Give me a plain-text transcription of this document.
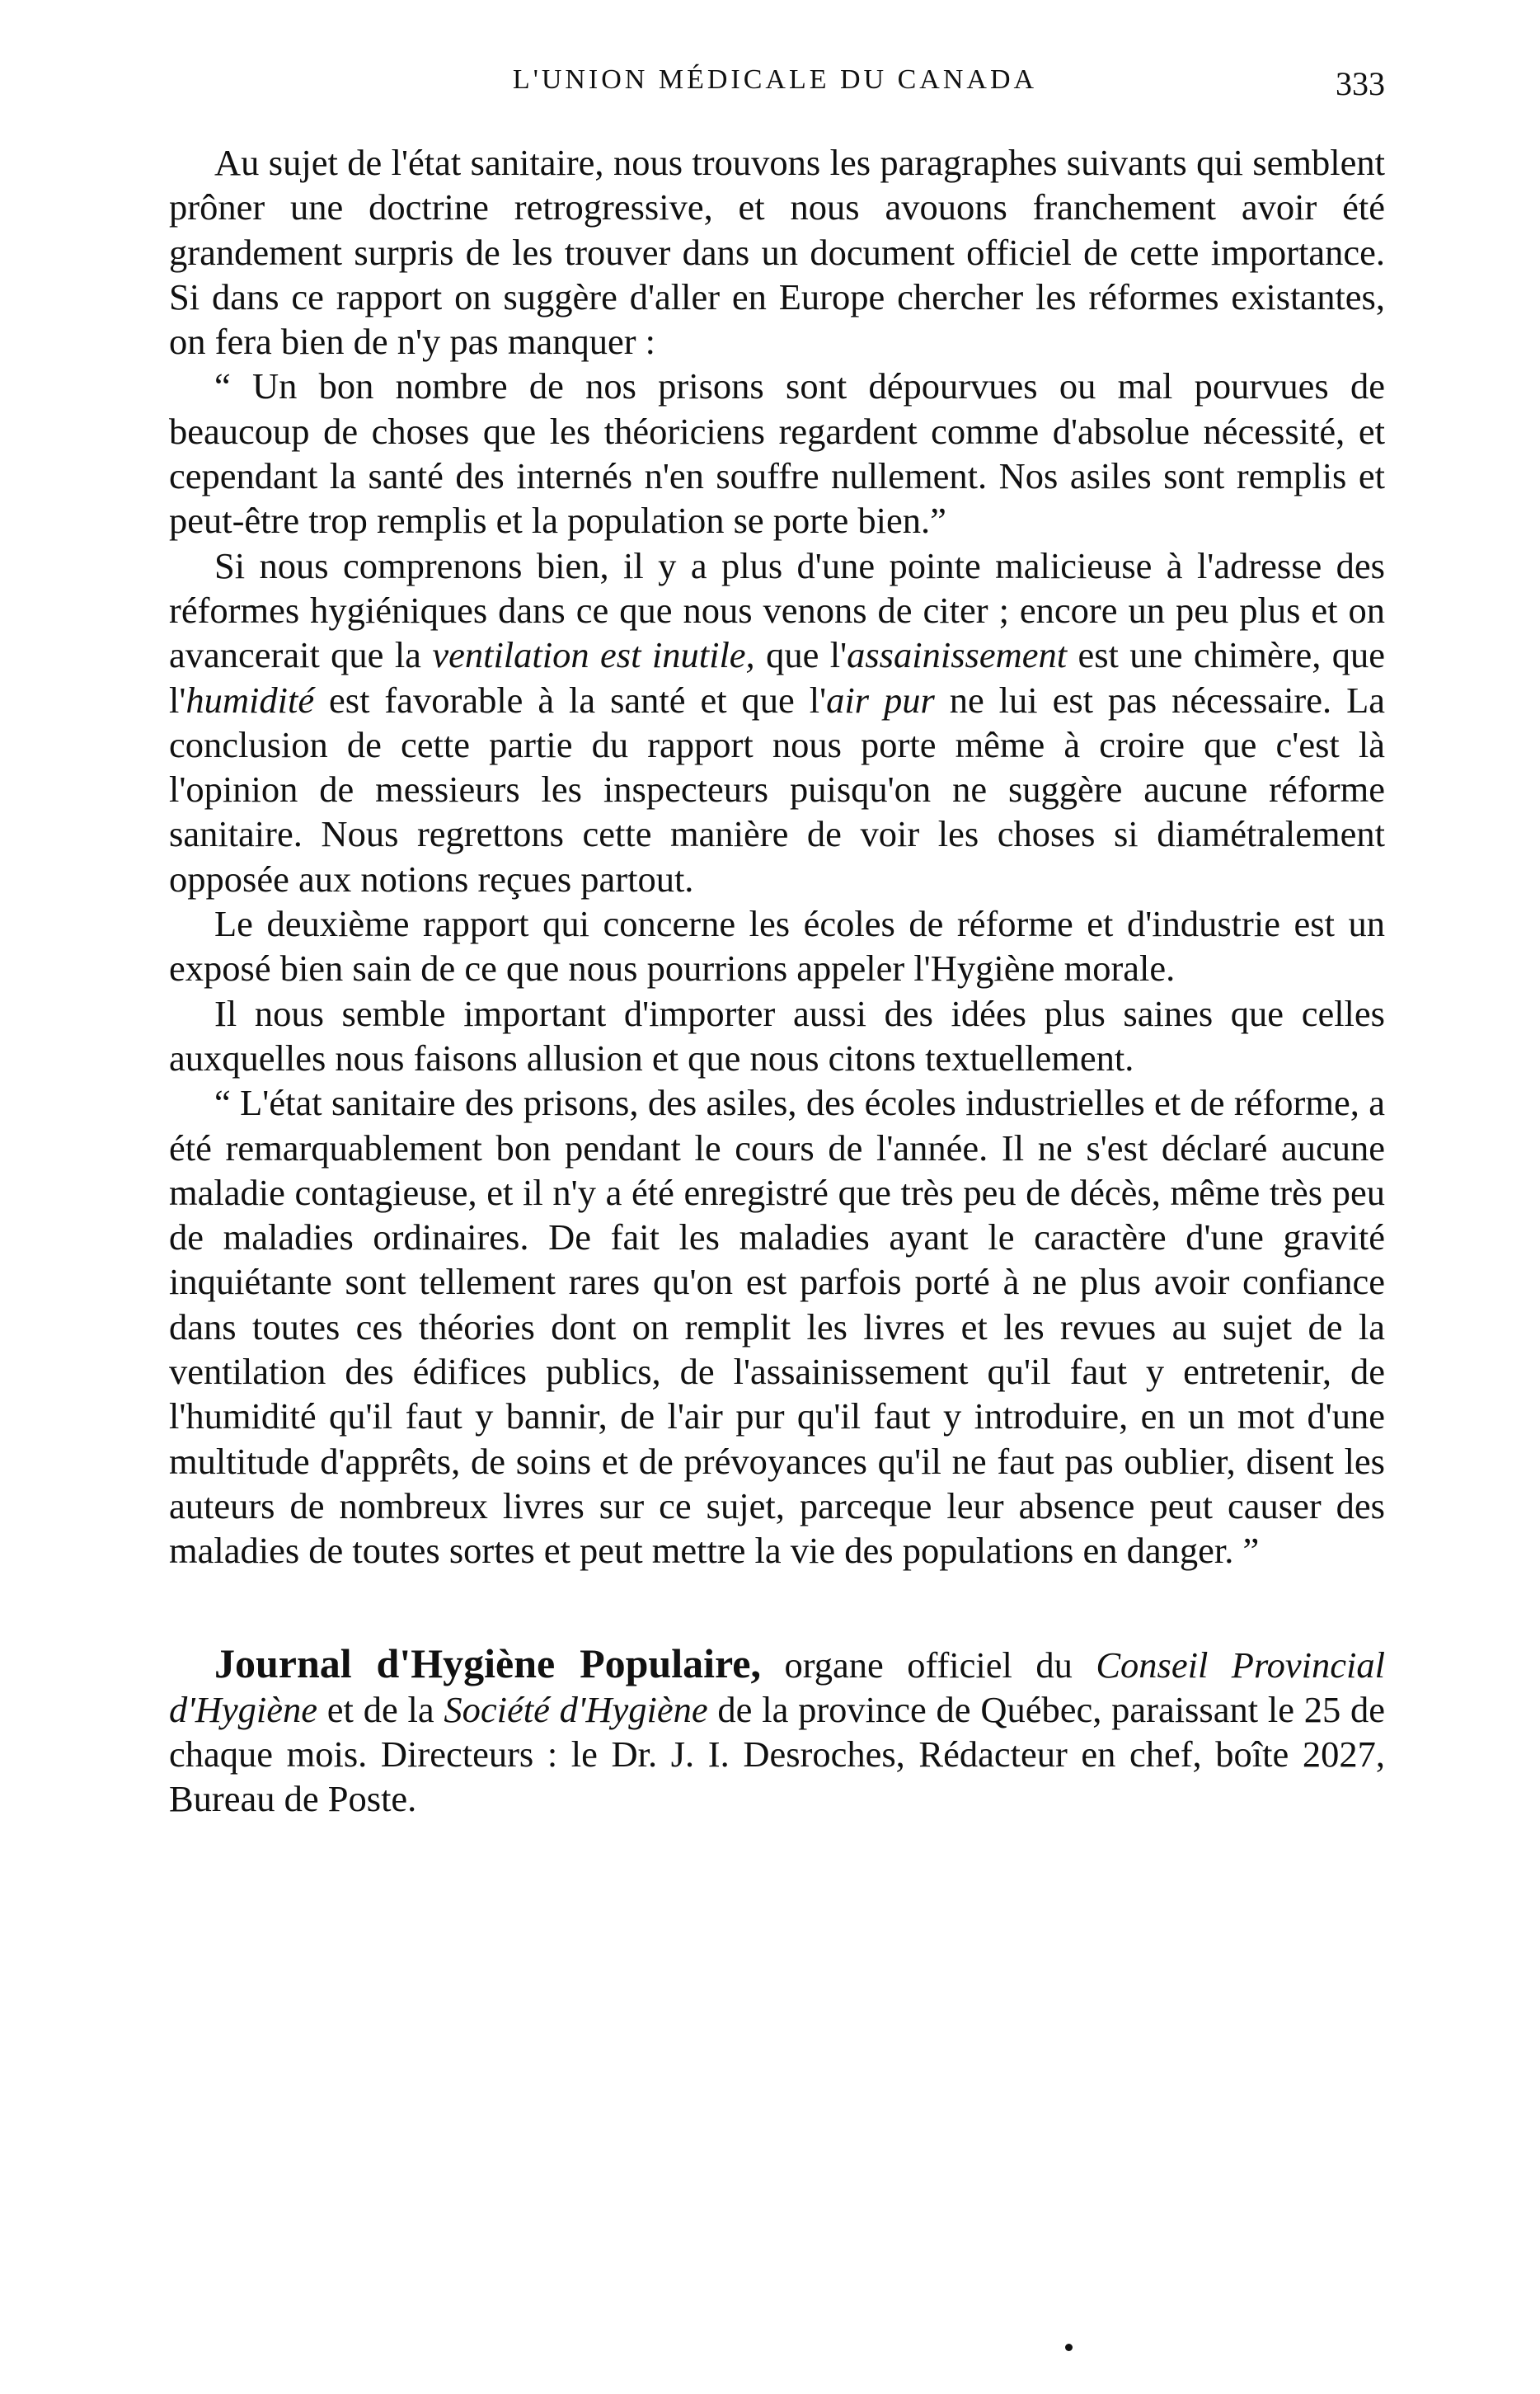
L'UNION MÉDICALE DU CANADA	333

Au sujet de l'état sanitaire, nous trouvons les paragraphes suivants qui semblent prôner une doctrine retrogressive, et nous avouons franchement avoir été grandement surpris de les trouver dans un document officiel de cette importance. Si dans ce rapport on suggère d'aller en Europe chercher les réformes existantes, on fera bien de n'y pas manquer :

“ Un bon nombre de nos prisons sont dépourvues ou mal pourvues de beaucoup de choses que les théoriciens regardent comme d'absolue nécessité, et cependant la santé des internés n'en souffre nullement. Nos asiles sont remplis et peut-être trop remplis et la population se porte bien.”

Si nous comprenons bien, il y a plus d'une pointe malicieuse à l'adresse des réformes hygiéniques dans ce que nous venons de citer ; encore un peu plus et on avancerait que la ventilation est inutile, que l'assainissement est une chimère, que l'humidité est favorable à la santé et que l'air pur ne lui est pas nécessaire. La conclusion de cette partie du rapport nous porte même à croire que c'est là l'opinion de messieurs les inspecteurs puisqu'on ne suggère aucune réforme sanitaire. Nous regrettons cette manière de voir les choses si diamétralement opposée aux notions reçues partout.

Le deuxième rapport qui concerne les écoles de réforme et d'industrie est un exposé bien sain de ce que nous pourrions appeler l'Hygiène morale.

Il nous semble important d'importer aussi des idées plus saines que celles auxquelles nous faisons allusion et que nous citons textuellement.

“ L'état sanitaire des prisons, des asiles, des écoles industrielles et de réforme, a été remarquablement bon pendant le cours de l'année. Il ne s'est déclaré aucune maladie contagieuse, et il n'y a été enregistré que très peu de décès, même très peu de maladies ordinaires. De fait les maladies ayant le caractère d'une gravité inquiétante sont tellement rares qu'on est parfois porté à ne plus avoir confiance dans toutes ces théories dont on remplit les livres et les revues au sujet de la ventilation des édifices publics, de l'assainissement qu'il faut y entretenir, de l'humidité qu'il faut y bannir, de l'air pur qu'il faut y introduire, en un mot d'une multitude d'apprêts, de soins et de prévoyances qu'il ne faut pas oublier, disent les auteurs de nombreux livres sur ce sujet, parceque leur absence peut causer des maladies de toutes sortes et peut mettre la vie des populations en danger. ”

Journal d'Hygiène Populaire, organe officiel du Conseil Provincial d'Hygiène et de la Société d'Hygiène de la province de Québec, paraissant le 25 de chaque mois. Directeurs : le Dr. J. I. Desroches, Rédacteur en chef, boîte 2027, Bureau de Poste.
